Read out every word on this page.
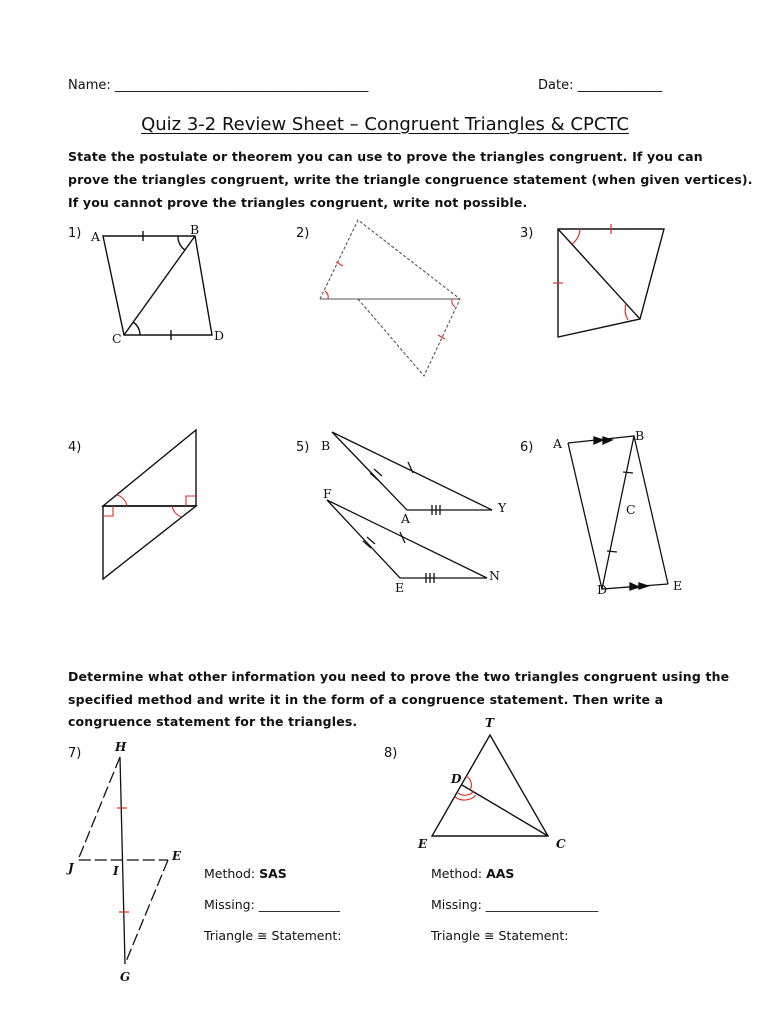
Name: _______________________________________	Date: _____________
Quiz 3-2 Review Sheet – Congruent Triangles & CPCTC
State the postulate or theorem you can use to prove the triangles congruent. If you can
prove the triangles congruent, write the triangle congruence statement (when given vertices).
If you cannot prove the triangles congruent, write not possible.
1)	2)	3)
4)	5)	6)
A	B
C	D
B
Y
A
F
E
N
A
B
C
D	E
Determine what other information you need to prove the two triangles congruent using the
specified method and write it in the form of a congruence statement. Then write a
congruence statement for the triangles.
7)	8)
H
J	I
E
G
T
D
E	C
Method: SAS
Missing: _____________
Triangle ≅ Statement:
Method: AAS
Missing: __________________
Triangle ≅ Statement:
